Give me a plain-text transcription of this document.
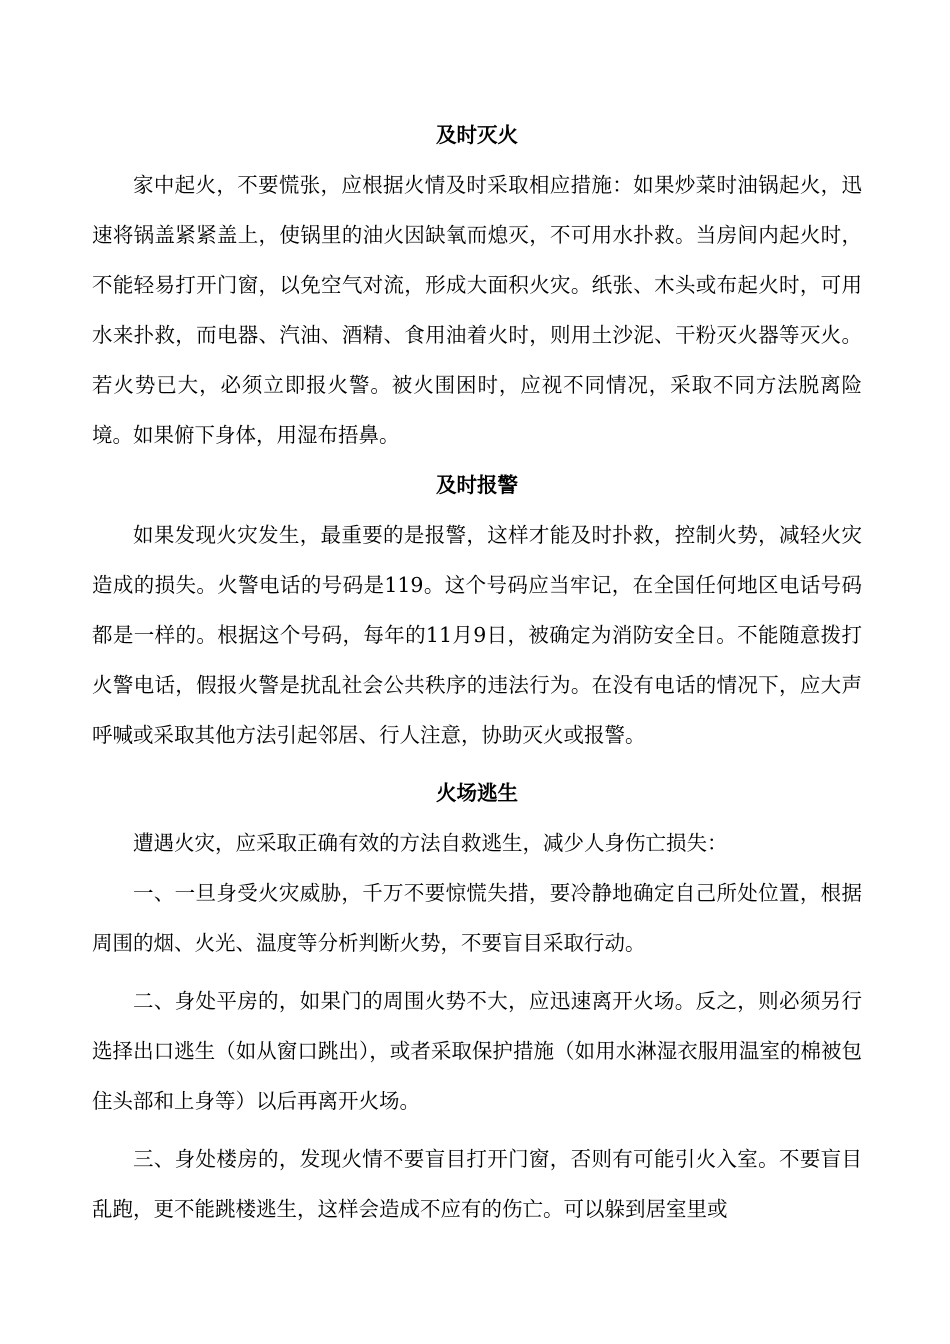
及时灭火

家中起火，不要慌张，应根据火情及时采取相应措施：如果炒菜时油锅起火，迅速将锅盖紧紧盖上，使锅里的油火因缺氧而熄灭，不可用水扑救。当房间内起火时，不能轻易打开门窗，以免空气对流，形成大面积火灾。纸张、木头或布起火时，可用水来扑救，而电器、汽油、酒精、食用油着火时，则用土沙泥、干粉灭火器等灭火。若火势已大，必须立即报火警。被火围困时，应视不同情况，采取不同方法脱离险境。如果俯下身体，用湿布捂鼻。

及时报警

如果发现火灾发生，最重要的是报警，这样才能及时扑救，控制火势，减轻火灾造成的损失。火警电话的号码是119。这个号码应当牢记，在全国任何地区电话号码都是一样的。根据这个号码，每年的11月9日，被确定为消防安全日。不能随意拨打火警电话，假报火警是扰乱社会公共秩序的违法行为。在没有电话的情况下，应大声呼喊或采取其他方法引起邻居、行人注意，协助灭火或报警。

火场逃生

遭遇火灾，应采取正确有效的方法自救逃生，减少人身伤亡损失：

一、一旦身受火灾威胁，千万不要惊慌失措，要冷静地确定自己所处位置，根据周围的烟、火光、温度等分析判断火势，不要盲目采取行动。

二、身处平房的，如果门的周围火势不大，应迅速离开火场。反之，则必须另行选择出口逃生（如从窗口跳出），或者采取保护措施（如用水淋湿衣服用温室的棉被包住头部和上身等）以后再离开火场。

三、身处楼房的，发现火情不要盲目打开门窗，否则有可能引火入室。不要盲目乱跑，更不能跳楼逃生，这样会造成不应有的伤亡。可以躲到居室里或
